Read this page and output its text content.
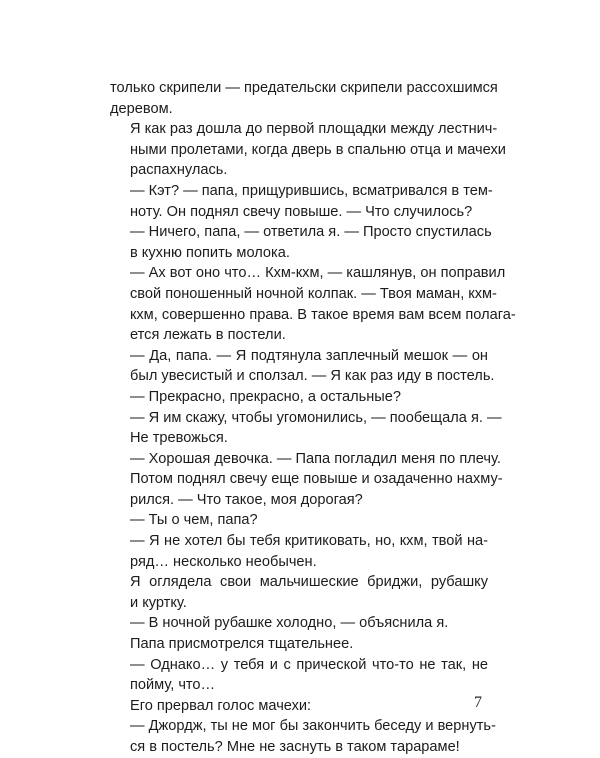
только скрипели — предательски скрипели рассохшимся
деревом.

Я как раз дошла до первой площадки между лестнич-
ными пролетами, когда дверь в спальню отца и мачехи
распахнулась.

— Кэт? — папа, прищурившись, всматривался в тем-
ноту. Он поднял свечу повыше. — Что случилось?

— Ничего, папа, — ответила я. — Просто спустилась
в кухню попить молока.

— Ах вот оно что… Кхм-кхм, — кашлянув, он поправил
свой поношенный ночной колпак. — Твоя маман, кхм-
кхм, совершенно права. В такое время вам всем полага-
ется лежать в постели.

— Да, папа. — Я подтянула заплечный мешок — он
был увесистый и сползал. — Я как раз иду в постель.

— Прекрасно, прекрасно, а остальные?

— Я им скажу, чтобы угомонились, — пообещала я. —
Не тревожься.

— Хорошая девочка. — Папа погладил меня по плечу.
Потом поднял свечу еще повыше и озадаченно нахму-
рился. — Что такое, моя дорогая?

— Ты о чем, папа?

— Я не хотел бы тебя критиковать, но, кхм, твой на-
ряд… несколько необычен.

Я оглядела свои мальчишеские бриджи, рубашку
и куртку.

— В ночной рубашке холодно, — объяснила я.

Папа присмотрелся тщательнее.

— Однако… у тебя и с прической что-то не так, не
пойму, что…

Его прервал голос мачехи:

— Джордж, ты не мог бы закончить беседу и вернуть-
ся в постель? Мне не заснуть в таком тарараме!

7
